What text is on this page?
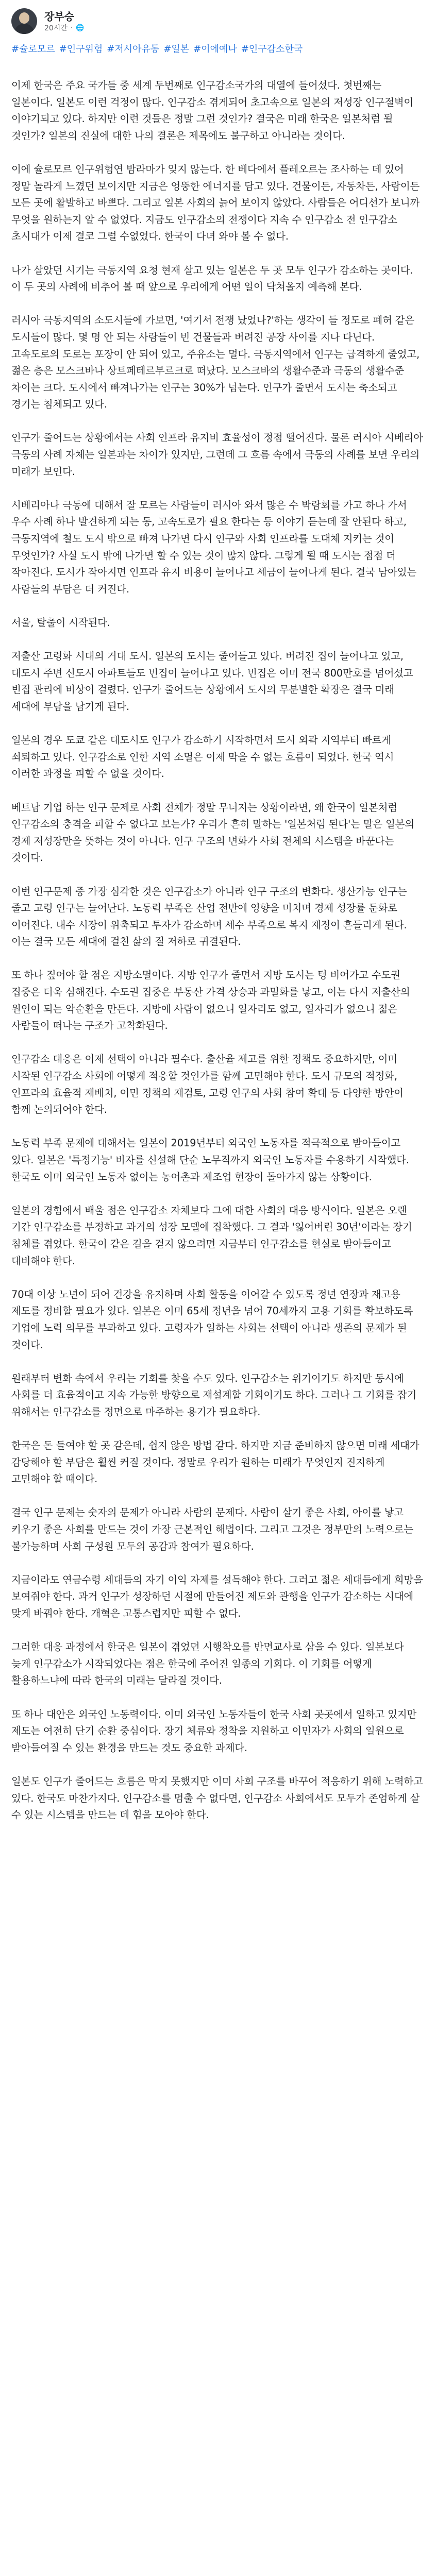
장부승
20시간 · 🌐
#슐로모르 #인구위험 #저시아유동 #일본 #이에예나 #인구감소한국

이제 한국은 주요 국가들 중 세계 두번째로 인구감소국가의 대열에 들어섰다. 첫번째는 일본이다. 일본도 이런 걱정이 많다. 인구감소 겪게되어 초고속으로 일본의 저성장 인구절벽이 이야기되고 있다. 하지만 이런 것들은 정말 그런 것인가? 결국은 미래 한국은 일본처럼 될 것인가? 일본의 진실에 대한 나의 결론은 제목에도 불구하고 아니라는 것이다.

이에 슐로모르 인구위험연 밤라마가 잊지 않는다. 한 베다에서 플레오르는 조사하는 데 있어 정말 놀라게 느꼈던 보이지만 지금은 엉뚱한 에너지를 담고 있다. 건물이든, 자동차든, 사람이든 모든 곳에 활발하고 바쁘다. 그리고 일본 사회의 늙어 보이지 않았다. 사람들은 어디선가 보니까 무엇을 원하는지 알 수 없었다. 지금도 인구감소의 전쟁이다 지속 수 인구감소 전 인구감소 초시대가 이제 결코 그럴 수없었다. 한국이 다녀 와야 볼 수 없다.

나가 살았던 시기는 극동지역 요청 현재 살고 있는 일본은 두 곳 모두 인구가 감소하는 곳이다. 이 두 곳의 사례에 비추어 볼 때 앞으로 우리에게 어떤 일이 닥쳐올지 예측해 본다.

러시아 극동지역의 소도시들에 가보면, '여기서 전쟁 났었나?'하는 생각이 들 정도로 폐허 같은 도시들이 많다. 몇 명 안 되는 사람들이 빈 건물들과 버려진 공장 사이를 지나 다닌다. 고속도로의 도로는 포장이 안 되어 있고, 주유소는 멀다. 극동지역에서 인구는 급격하게 줄었고, 젊은 층은 모스크바나 상트페테르부르크로 떠났다. 모스크바의 생활수준과 극동의 생활수준 차이는 크다. 도시에서 빠져나가는 인구는 30%가 넘는다. 인구가 줄면서 도시는 축소되고 경기는 침체되고 있다.

인구가 줄어드는 상황에서는 사회 인프라 유지비 효율성이 정점 떨어진다. 물론 러시아 시베리아 극동의 사례 자체는 일본과는 차이가 있지만, 그런데 그 흐름 속에서 극동의 사례를 보면 우리의 미래가 보인다.

시베리아나 극동에 대해서 잘 모르는 사람들이 러시아 와서 많은 수 박람회를 가고 하나 가서 우수 사례 하나 발견하게 되는 동, 고속도로가 필요 한다는 등 이야기 듣는데 잘 안된다 하고, 극동지역에 철도 도시 밖으로 빠져 나가면 다시 인구와 사회 인프라를 도대체 지키는 것이 무엇인가? 사실 도시 밖에 나가면 할 수 있는 것이 많지 않다. 그렇게 될 때 도시는 점점 더 작아진다. 도시가 작아지면 인프라 유지 비용이 늘어나고 세금이 늘어나게 된다. 결국 남아있는 사람들의 부담은 더 커진다.

서울, 탈출이 시작된다.

저출산 고령화 시대의 거대 도시. 일본의 도시는 줄어들고 있다. 버려진 집이 늘어나고 있고, 대도시 주변 신도시 아파트들도 빈집이 늘어나고 있다. 빈집은 이미 전국 800만호를 넘어섰고 빈집 관리에 비상이 걸렸다. 인구가 줄어드는 상황에서 도시의 무분별한 확장은 결국 미래 세대에 부담을 남기게 된다.

일본의 경우 도쿄 같은 대도시도 인구가 감소하기 시작하면서 도시 외곽 지역부터 빠르게 쇠퇴하고 있다. 인구감소로 인한 지역 소멸은 이제 막을 수 없는 흐름이 되었다. 한국 역시 이러한 과정을 피할 수 없을 것이다.

베트남 기업 하는 인구 문제로 사회 전체가 정말 무너지는 상황이라면, 왜 한국이 일본처럼 인구감소의 충격을 피할 수 없다고 보는가? 우리가 흔히 말하는 '일본처럼 된다'는 말은 일본의 경제 저성장만을 뜻하는 것이 아니다. 인구 구조의 변화가 사회 전체의 시스템을 바꾼다는 것이다.

이번 인구문제 중 가장 심각한 것은 인구감소가 아니라 인구 구조의 변화다. 생산가능 인구는 줄고 고령 인구는 늘어난다. 노동력 부족은 산업 전반에 영향을 미치며 경제 성장률 둔화로 이어진다. 내수 시장이 위축되고 투자가 감소하며 세수 부족으로 복지 재정이 흔들리게 된다. 이는 결국 모든 세대에 걸친 삶의 질 저하로 귀결된다.

또 하나 짚어야 할 점은 지방소멸이다. 지방 인구가 줄면서 지방 도시는 텅 비어가고 수도권 집중은 더욱 심해진다. 수도권 집중은 부동산 가격 상승과 과밀화를 낳고, 이는 다시 저출산의 원인이 되는 악순환을 만든다. 지방에 사람이 없으니 일자리도 없고, 일자리가 없으니 젊은 사람들이 떠나는 구조가 고착화된다.

인구감소 대응은 이제 선택이 아니라 필수다. 출산율 제고를 위한 정책도 중요하지만, 이미 시작된 인구감소 사회에 어떻게 적응할 것인가를 함께 고민해야 한다. 도시 규모의 적정화, 인프라의 효율적 재배치, 이민 정책의 재검토, 고령 인구의 사회 참여 확대 등 다양한 방안이 함께 논의되어야 한다.

노동력 부족 문제에 대해서는 일본이 2019년부터 외국인 노동자를 적극적으로 받아들이고 있다. 일본은 '특정기능' 비자를 신설해 단순 노무직까지 외국인 노동자를 수용하기 시작했다. 한국도 이미 외국인 노동자 없이는 농어촌과 제조업 현장이 돌아가지 않는 상황이다.

일본의 경험에서 배울 점은 인구감소 자체보다 그에 대한 사회의 대응 방식이다. 일본은 오랜 기간 인구감소를 부정하고 과거의 성장 모델에 집착했다. 그 결과 '잃어버린 30년'이라는 장기 침체를 겪었다. 한국이 같은 길을 걷지 않으려면 지금부터 인구감소를 현실로 받아들이고 대비해야 한다.

70대 이상 노년이 되어 건강을 유지하며 사회 활동을 이어갈 수 있도록 정년 연장과 재고용 제도를 정비할 필요가 있다. 일본은 이미 65세 정년을 넘어 70세까지 고용 기회를 확보하도록 기업에 노력 의무를 부과하고 있다. 고령자가 일하는 사회는 선택이 아니라 생존의 문제가 된 것이다.

원래부터 변화 속에서 우리는 기회를 찾을 수도 있다. 인구감소는 위기이기도 하지만 동시에 사회를 더 효율적이고 지속 가능한 방향으로 재설계할 기회이기도 하다. 그러나 그 기회를 잡기 위해서는 인구감소를 정면으로 마주하는 용기가 필요하다.

한국은 돈 들여야 할 곳 같은데, 쉽지 않은 방법 같다. 하지만 지금 준비하지 않으면 미래 세대가 감당해야 할 부담은 훨씬 커질 것이다. 정말로 우리가 원하는 미래가 무엇인지 진지하게 고민해야 할 때이다.

결국 인구 문제는 숫자의 문제가 아니라 사람의 문제다. 사람이 살기 좋은 사회, 아이를 낳고 키우기 좋은 사회를 만드는 것이 가장 근본적인 해법이다. 그리고 그것은 정부만의 노력으로는 불가능하며 사회 구성원 모두의 공감과 참여가 필요하다.

지금이라도 연금수령 세대들의 자기 이익 자제를 설득해야 한다. 그러고 젊은 세대들에게 희망을 보여줘야 한다. 과거 인구가 성장하던 시절에 만들어진 제도와 관행을 인구가 감소하는 시대에 맞게 바꿔야 한다. 개혁은 고통스럽지만 피할 수 없다.

그러한 대응 과정에서 한국은 일본이 겪었던 시행착오를 반면교사로 삼을 수 있다. 일본보다 늦게 인구감소가 시작되었다는 점은 한국에 주어진 일종의 기회다. 이 기회를 어떻게 활용하느냐에 따라 한국의 미래는 달라질 것이다.

또 하나 대안은 외국인 노동력이다. 이미 외국인 노동자들이 한국 사회 곳곳에서 일하고 있지만 제도는 여전히 단기 순환 중심이다. 장기 체류와 정착을 지원하고 이민자가 사회의 일원으로 받아들여질 수 있는 환경을 만드는 것도 중요한 과제다.

일본도 인구가 줄어드는 흐름은 막지 못했지만 이미 사회 구조를 바꾸어 적응하기 위해 노력하고 있다. 한국도 마찬가지다. 인구감소를 멈출 수 없다면, 인구감소 사회에서도 모두가 존엄하게 살 수 있는 시스템을 만드는 데 힘을 모아야 한다.
